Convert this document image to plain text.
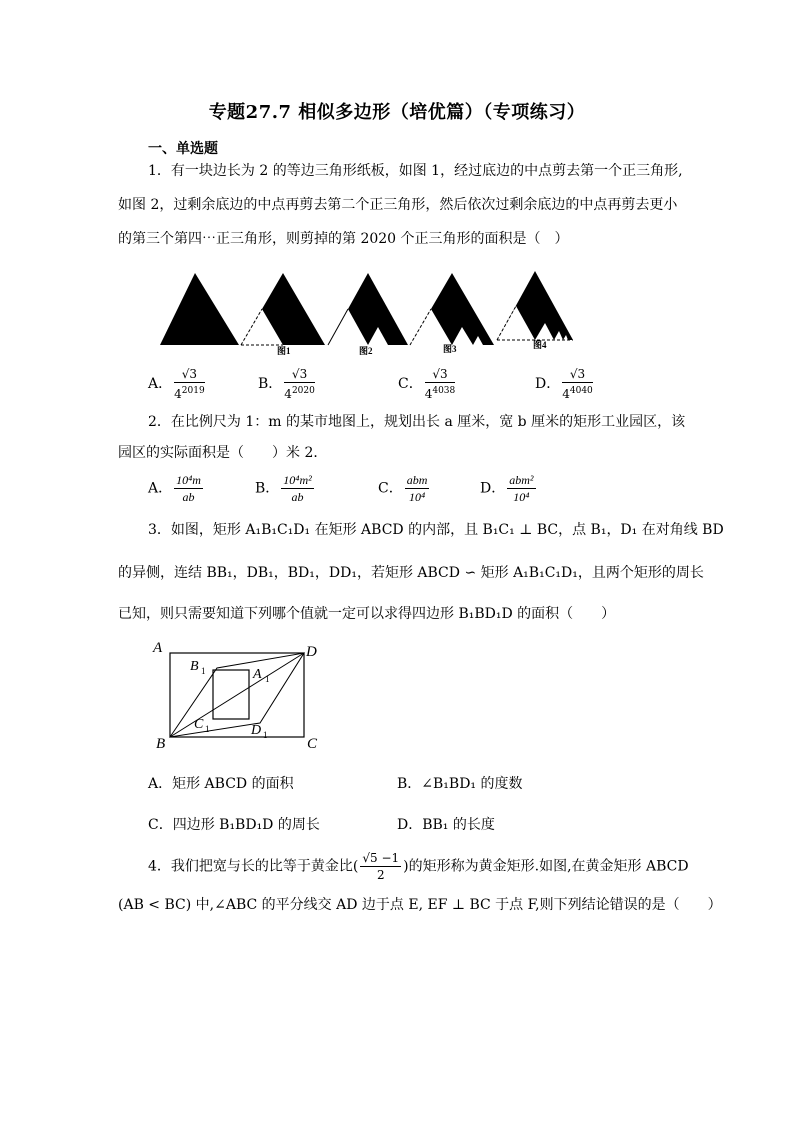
专题27.7 相似多边形（培优篇）（专项练习）
一、单选题
1．有一块边长为 2 的等边三角形纸板，如图 1，经过底边的中点剪去第一个正三角形,
如图 2，过剩余底边的中点再剪去第二个正三角形，然后依次过剩余底边的中点再剪去更小
的第三个第四⋯正三角形，则剪掉的第 2020 个正三角形的面积是（　）
图1	图2	图3	图4
A． $\frac{√3}{4^{2019}}$	B． $\frac{√3}{4^{2020}}$	C． $\frac{√3}{4^{4038}}$	D． $\frac{√3}{4^{4040}}$
2．在比例尺为 1：m 的某市地图上，规划出长 a 厘米，宽 b 厘米的矩形工业园区，该
园区的实际面积是（　　）米 2．
A． $\frac{\text{10⁴m}}{ab}$	B． $\frac{\text{10⁴m²}}{ab}$	C． $\frac{\text{abm}}{\text{10⁴}}$	D． $\frac{\text{abm²}}{\text{10⁴}}$
3．如图，矩形 A₁B₁C₁D₁ 在矩形 ABCD 的内部，且 B₁C₁ ⊥ BC，点 B₁，D₁ 在对角线 BD
的异侧，连结 BB₁，DB₁，BD₁，DD₁，若矩形 ABCD ∽ 矩形 A₁B₁C₁D₁，且两个矩形的周长
已知，则只需要知道下列哪个值就一定可以求得四边形 B₁BD₁D 的面积（　　）
A
B	C
D
B 1	A 1
C 1	D 1
A．矩形 ABCD 的面积	B．∠B₁BD₁ 的度数
C．四边形 B₁BD₁D 的周长	D．BB₁ 的长度
4．我们把宽与长的比等于黄金比( $\frac{√5 -1}{2}$ )的矩形称为黄金矩形.如图,在黄金矩形 ABCD
(AB < BC) 中,∠ABC 的平分线交 AD 边于点 E, EF ⊥ BC 于点 F,则下列结论错误的是（　　）
